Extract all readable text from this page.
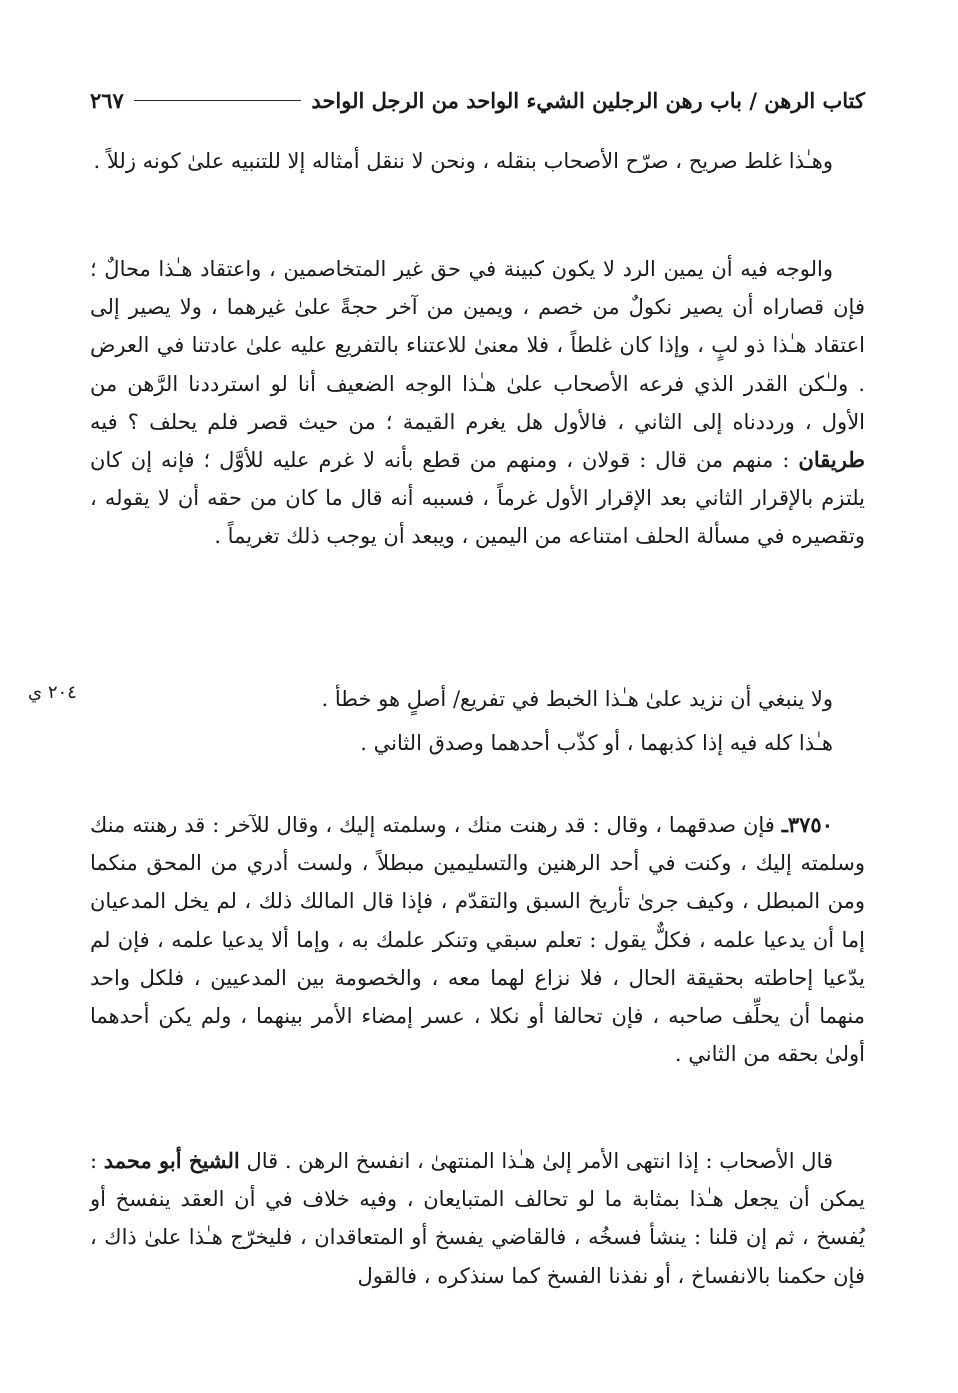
كتاب الرهن / باب رهن الرجلين الشيء الواحد من الرجل الواحد
٢٦٧
٢٠٤ ي

وهـٰذا غلط صريح ، صرّح الأصحاب بنقله ، ونحن لا ننقل أمثاله إلا للتنبيه علىٰ كونه زللاً .

والوجه فيه أن يمين الرد لا يكون كبينة في حق غير المتخاصمين ، واعتقاد هـٰذا محالٌ ؛ فإن قصاراه أن يصير نكولٌ من خصم ، ويمين من آخر حجةً علىٰ غيرهما ، ولا يصير إلى اعتقاد هـٰذا ذو لبٍ ، وإذا كان غلطاً ، فلا معنىٰ للاعتناء بالتفريع عليه علىٰ عادتنا في العرض . ولـٰكن القدر الذي فرعه الأصحاب علىٰ هـٰذا الوجه الضعيف أنا لو استرددنا الرَّهن من الأول ، ورددناه إلى الثاني ، فالأول هل يغرم القيمة ؛ من حيث قصر فلم يحلف ؟ فيه طريقان : منهم من قال : قولان ، ومنهم من قطع بأنه لا غرم عليه للأوَّل ؛ فإنه إن كان يلتزم بالإقرار الثاني بعد الإقرار الأول غرماً ، فسببه أنه قال ما كان من حقه أن لا يقوله ، وتقصيره في مسألة الحلف امتناعه من اليمين ، ويبعد أن يوجب ذلك تغريماً .

ولا ينبغي أن نزيد علىٰ هـٰذا الخبط في تفريع/ أصلٍ هو خطأ .

هـٰذا كله فيه إذا كذبهما ، أو كذّب أحدهما وصدق الثاني .

٣٧٥٠ـ فإن صدقهما ، وقال : قد رهنت منك ، وسلمته إليك ، وقال للآخر : قد رهنته منك وسلمته إليك ، وكنت في أحد الرهنين والتسليمين مبطلاً ، ولست أدري من المحق منكما ومن المبطل ، وكيف جرىٰ تأريخ السبق والتقدّم ، فإذا قال المالك ذلك ، لم يخل المدعيان إما أن يدعيا علمه ، فكلٌّ يقول : تعلم سبقي وتنكر علمك به ، وإما ألا يدعيا علمه ، فإن لم يدّعيا إحاطته بحقيقة الحال ، فلا نزاع لهما معه ، والخصومة بين المدعيين ، فلكل واحد منهما أن يحلِّف صاحبه ، فإن تحالفا أو نكلا ، عسر إمضاء الأمر بينهما ، ولم يكن أحدهما أولىٰ بحقه من الثاني .

قال الأصحاب : إذا انتهى الأمر إلىٰ هـٰذا المنتهىٰ ، انفسخ الرهن . قال الشيخ أبو محمد : يمكن أن يجعل هـٰذا بمثابة ما لو تحالف المتبايعان ، وفيه خلاف في أن العقد ينفسخ أو يُفسخ ، ثم إن قلنا : ينشأ فسخُه ، فالقاضي يفسخ أو المتعاقدان ، فليخرّج هـٰذا علىٰ ذاك ، فإن حكمنا بالانفساخ ، أو نفذنا الفسخ كما سنذكره ، فالقول
